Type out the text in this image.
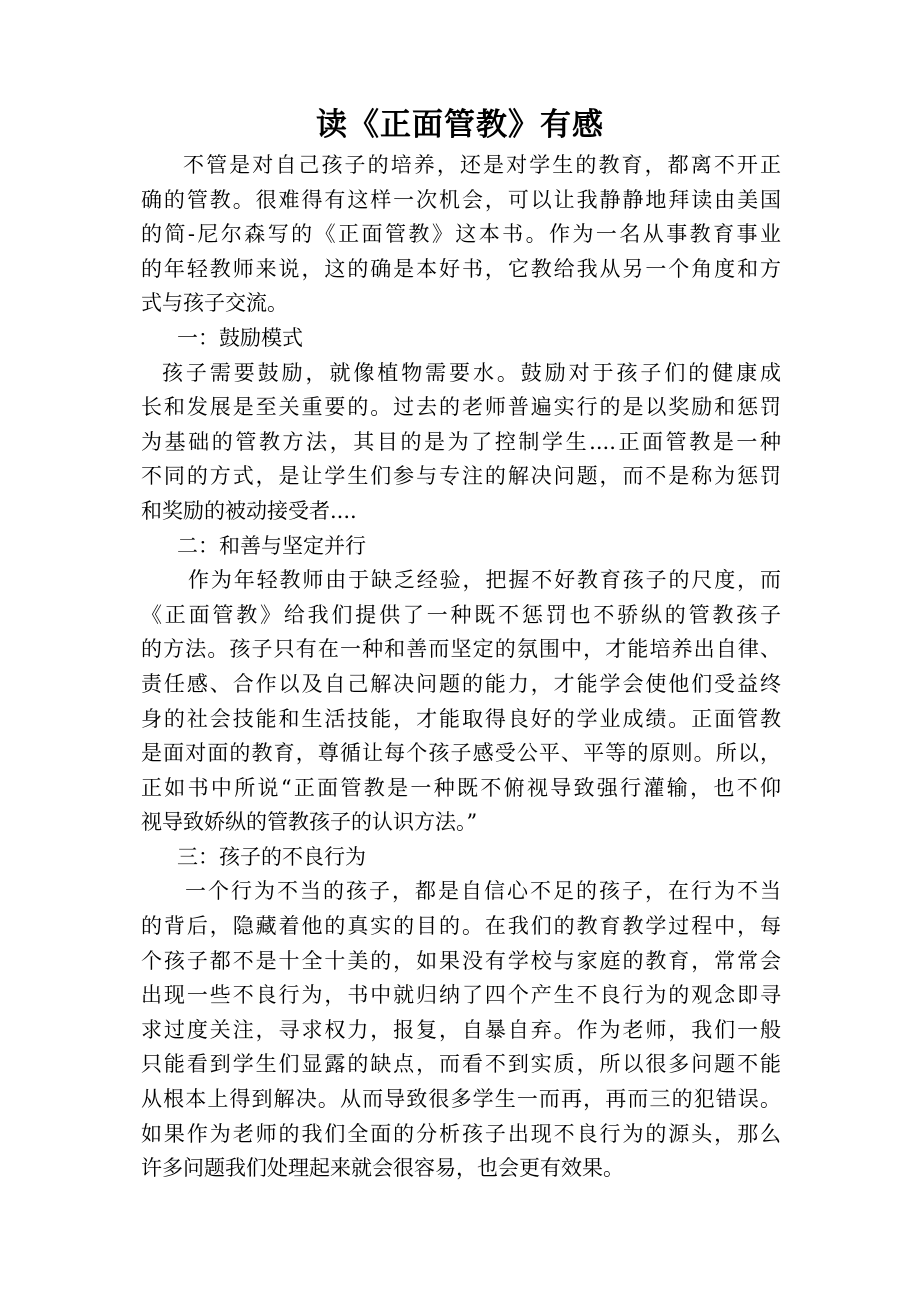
读《正面管教》有感
不管是对自己孩子的培养，还是对学生的教育，都离不开正
确的管教。很难得有这样一次机会，可以让我静静地拜读由美国
的简-尼尔森写的《正面管教》这本书。作为一名从事教育事业
的年轻教师来说，这的确是本好书，它教给我从另一个角度和方
式与孩子交流。
一：鼓励模式
孩子需要鼓励，就像植物需要水。鼓励对于孩子们的健康成
长和发展是至关重要的。过去的老师普遍实行的是以奖励和惩罚
为基础的管教方法，其目的是为了控制学生....正面管教是一种
不同的方式，是让学生们参与专注的解决问题，而不是称为惩罚
和奖励的被动接受者....
二：和善与坚定并行
作为年轻教师由于缺乏经验，把握不好教育孩子的尺度，而
《正面管教》给我们提供了一种既不惩罚也不骄纵的管教孩子
的方法。孩子只有在一种和善而坚定的氛围中，才能培养出自律、
责任感、合作以及自己解决问题的能力，才能学会使他们受益终
身的社会技能和生活技能，才能取得良好的学业成绩。正面管教
是面对面的教育，尊循让每个孩子感受公平、平等的原则。所以，
正如书中所说“正面管教是一种既不俯视导致强行灌输，也不仰
视导致娇纵的管教孩子的认识方法。”
三：孩子的不良行为
一个行为不当的孩子，都是自信心不足的孩子，在行为不当
的背后，隐藏着他的真实的目的。在我们的教育教学过程中，每
个孩子都不是十全十美的，如果没有学校与家庭的教育，常常会
出现一些不良行为，书中就归纳了四个产生不良行为的观念即寻
求过度关注，寻求权力，报复，自暴自弃。作为老师，我们一般
只能看到学生们显露的缺点，而看不到实质，所以很多问题不能
从根本上得到解决。从而导致很多学生一而再，再而三的犯错误。
如果作为老师的我们全面的分析孩子出现不良行为的源头，那么
许多问题我们处理起来就会很容易，也会更有效果。
